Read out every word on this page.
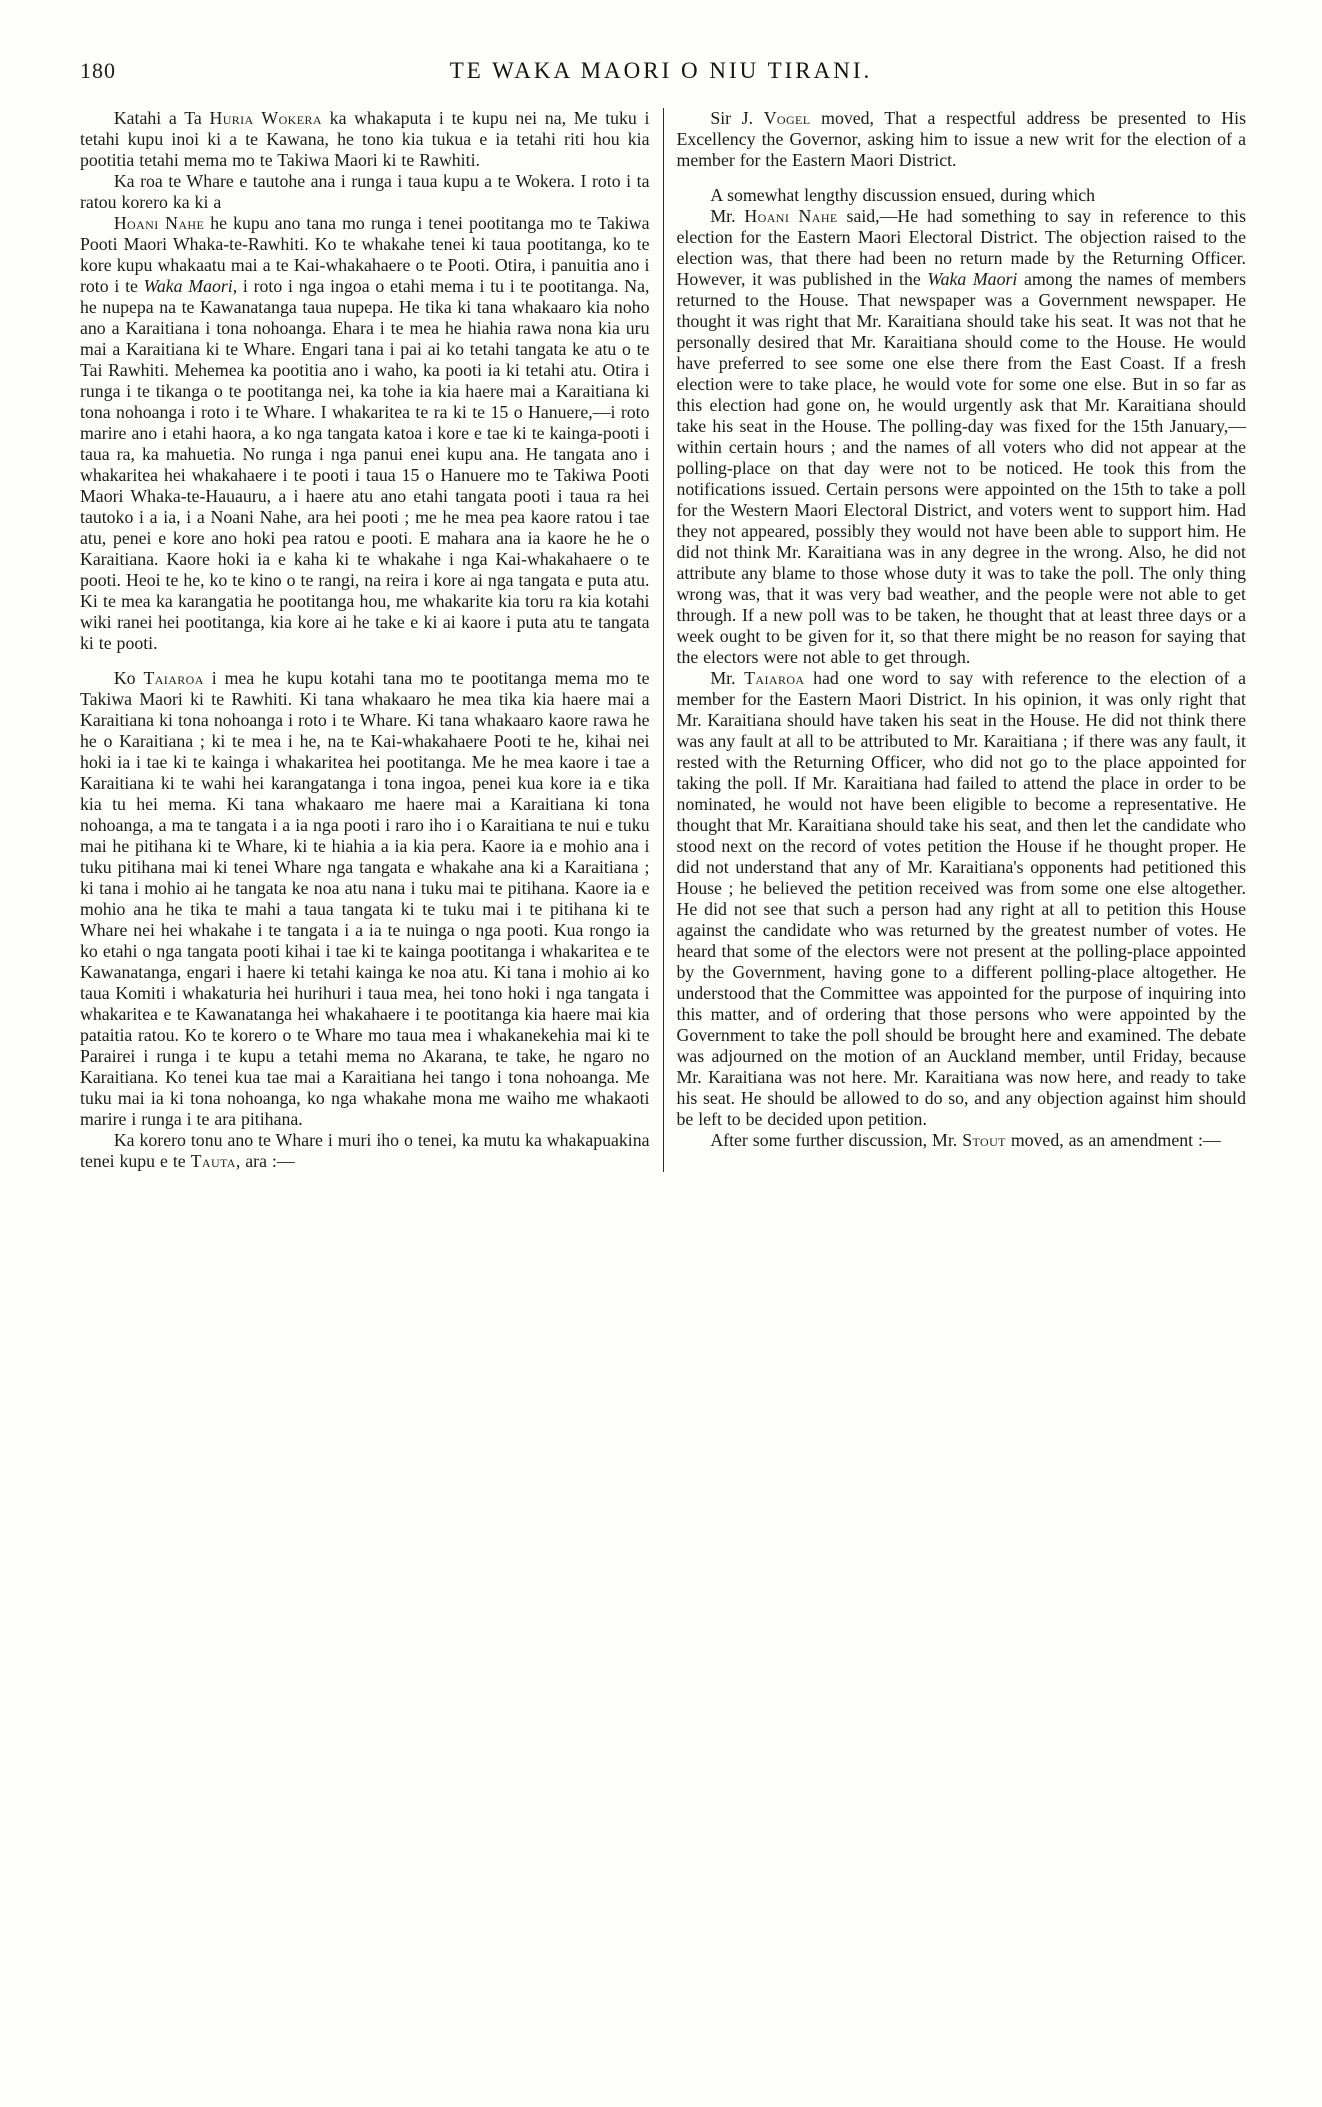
180	TE WAKA MAORI O NIU TIRANI.

Katahi a Ta Huria Wokera ka whakaputa i te kupu nei na, Me tuku i tetahi kupu inoi ki a te Kawana, he tono kia tukua e ia tetahi riti hou kia pootitia tetahi mema mo te Takiwa Maori ki te Rawhiti.

Ka roa te Whare e tautohe ana i runga i taua kupu a te Wokera. I roto i ta ratou korero ka ki a

Hoani Nahe he kupu ano tana mo runga i tenei pootitanga mo te Takiwa Pooti Maori Whaka-te-Rawhiti. Ko te whakahe tenei ki taua pootitanga, ko te kore kupu whakaatu mai a te Kai-whakahaere o te Pooti. Otira, i panuitia ano i roto i te Waka Maori, i roto i nga ingoa o etahi mema i tu i te pootitanga. Na, he nupepa na te Kawanatanga taua nupepa. He tika ki tana whakaaro kia noho ano a Karaitiana i tona nohoanga. Ehara i te mea he hiahia rawa nona kia uru mai a Karaitiana ki te Whare. Engari tana i pai ai ko tetahi tangata ke atu o te Tai Rawhiti. Mehemea ka pootitia ano i waho, ka pooti ia ki tetahi atu. Otira i runga i te tikanga o te pootitanga nei, ka tohe ia kia haere mai a Karaitiana ki tona nohoanga i roto i te Whare. I whakaritea te ra ki te 15 o Hanuere,—i roto marire ano i etahi haora, a ko nga tangata katoa i kore e tae ki te kainga-pooti i taua ra, ka mahuetia. No runga i nga panui enei kupu ana. He tangata ano i whakaritea hei whakahaere i te pooti i taua 15 o Hanuere mo te Takiwa Pooti Maori Whaka-te-Hauauru, a i haere atu ano etahi tangata pooti i taua ra hei tautoko i a ia, i a Noani Nahe, ara hei pooti ; me he mea pea kaore ratou i tae atu, penei e kore ano hoki pea ratou e pooti. E mahara ana ia kaore he he o Karaitiana. Kaore hoki ia e kaha ki te whakahe i nga Kai-whakahaere o te pooti. Heoi te he, ko te kino o te rangi, na reira i kore ai nga tangata e puta atu. Ki te mea ka karangatia he pootitanga hou, me whakarite kia toru ra kia kotahi wiki ranei hei pootitanga, kia kore ai he take e ki ai kaore i puta atu te tangata ki te pooti.

Ko Taiaroa i mea he kupu kotahi tana mo te pootitanga mema mo te Takiwa Maori ki te Rawhiti. Ki tana whakaaro he mea tika kia haere mai a Karaitiana ki tona nohoanga i roto i te Whare. Ki tana whakaaro kaore rawa he he o Karaitiana ; ki te mea i he, na te Kai-whakahaere Pooti te he, kihai nei hoki ia i tae ki te kainga i whakaritea hei pootitanga. Me he mea kaore i tae a Karaitiana ki te wahi hei karangatanga i tona ingoa, penei kua kore ia e tika kia tu hei mema. Ki tana whakaaro me haere mai a Karaitiana ki tona nohoanga, a ma te tangata i a ia nga pooti i raro iho i o Karaitiana te nui e tuku mai he pitihana ki te Whare, ki te hiahia a ia kia pera. Kaore ia e mohio ana i tuku pitihana mai ki tenei Whare nga tangata e whakahe ana ki a Karaitiana ; ki tana i mohio ai he tangata ke noa atu nana i tuku mai te pitihana. Kaore ia e mohio ana he tika te mahi a taua tangata ki te tuku mai i te pitihana ki te Whare nei hei whakahe i te tangata i a ia te nuinga o nga pooti. Kua rongo ia ko etahi o nga tangata pooti kihai i tae ki te kainga pootitanga i whakaritea e te Kawanatanga, engari i haere ki tetahi kainga ke noa atu. Ki tana i mohio ai ko taua Komiti i whakaturia hei hurihuri i taua mea, hei tono hoki i nga tangata i whakaritea e te Kawanatanga hei whakahaere i te pootitanga kia haere mai kia pataitia ratou. Ko te korero o te Whare mo taua mea i whakanekehia mai ki te Parairei i runga i te kupu a tetahi mema no Akarana, te take, he ngaro no Karaitiana. Ko tenei kua tae mai a Karaitiana hei tango i tona nohoanga. Me tuku mai ia ki tona nohoanga, ko nga whakahe mona me waiho me whakaoti marire i runga i te ara pitihana.

Ka korero tonu ano te Whare i muri iho o tenei, ka mutu ka whakapuakina tenei kupu e te Tauta, ara :—

Sir J. Vogel moved, That a respectful address be presented to His Excellency the Governor, asking him to issue a new writ for the election of a member for the Eastern Maori District.

A somewhat lengthy discussion ensued, during which

Mr. Hoani Nahe said,—He had something to say in reference to this election for the Eastern Maori Electoral District. The objection raised to the election was, that there had been no return made by the Returning Officer. However, it was published in the Waka Maori among the names of members returned to the House. That newspaper was a Government newspaper. He thought it was right that Mr. Karaitiana should take his seat. It was not that he personally desired that Mr. Karaitiana should come to the House. He would have preferred to see some one else there from the East Coast. If a fresh election were to take place, he would vote for some one else. But in so far as this election had gone on, he would urgently ask that Mr. Karaitiana should take his seat in the House. The polling-day was fixed for the 15th January,—within certain hours ; and the names of all voters who did not appear at the polling-place on that day were not to be noticed. He took this from the notifications issued. Certain persons were appointed on the 15th to take a poll for the Western Maori Electoral District, and voters went to support him. Had they not appeared, possibly they would not have been able to support him. He did not think Mr. Karaitiana was in any degree in the wrong. Also, he did not attribute any blame to those whose duty it was to take the poll. The only thing wrong was, that it was very bad weather, and the people were not able to get through. If a new poll was to be taken, he thought that at least three days or a week ought to be given for it, so that there might be no reason for saying that the electors were not able to get through.

Mr. Taiaroa had one word to say with reference to the election of a member for the Eastern Maori District. In his opinion, it was only right that Mr. Karaitiana should have taken his seat in the House. He did not think there was any fault at all to be attributed to Mr. Karaitiana ; if there was any fault, it rested with the Returning Officer, who did not go to the place appointed for taking the poll. If Mr. Karaitiana had failed to attend the place in order to be nominated, he would not have been eligible to become a representative. He thought that Mr. Karaitiana should take his seat, and then let the candidate who stood next on the record of votes petition the House if he thought proper. He did not understand that any of Mr. Karaitiana's opponents had petitioned this House ; he believed the petition received was from some one else altogether. He did not see that such a person had any right at all to petition this House against the candidate who was returned by the greatest number of votes. He heard that some of the electors were not present at the polling-place appointed by the Government, having gone to a different polling-place altogether. He understood that the Committee was appointed for the purpose of inquiring into this matter, and of ordering that those persons who were appointed by the Government to take the poll should be brought here and examined. The debate was adjourned on the motion of an Auckland member, until Friday, because Mr. Karaitiana was not here. Mr. Karaitiana was now here, and ready to take his seat. He should be allowed to do so, and any objection against him should be left to be decided upon petition.

After some further discussion, Mr. Stout moved, as an amendment :—
